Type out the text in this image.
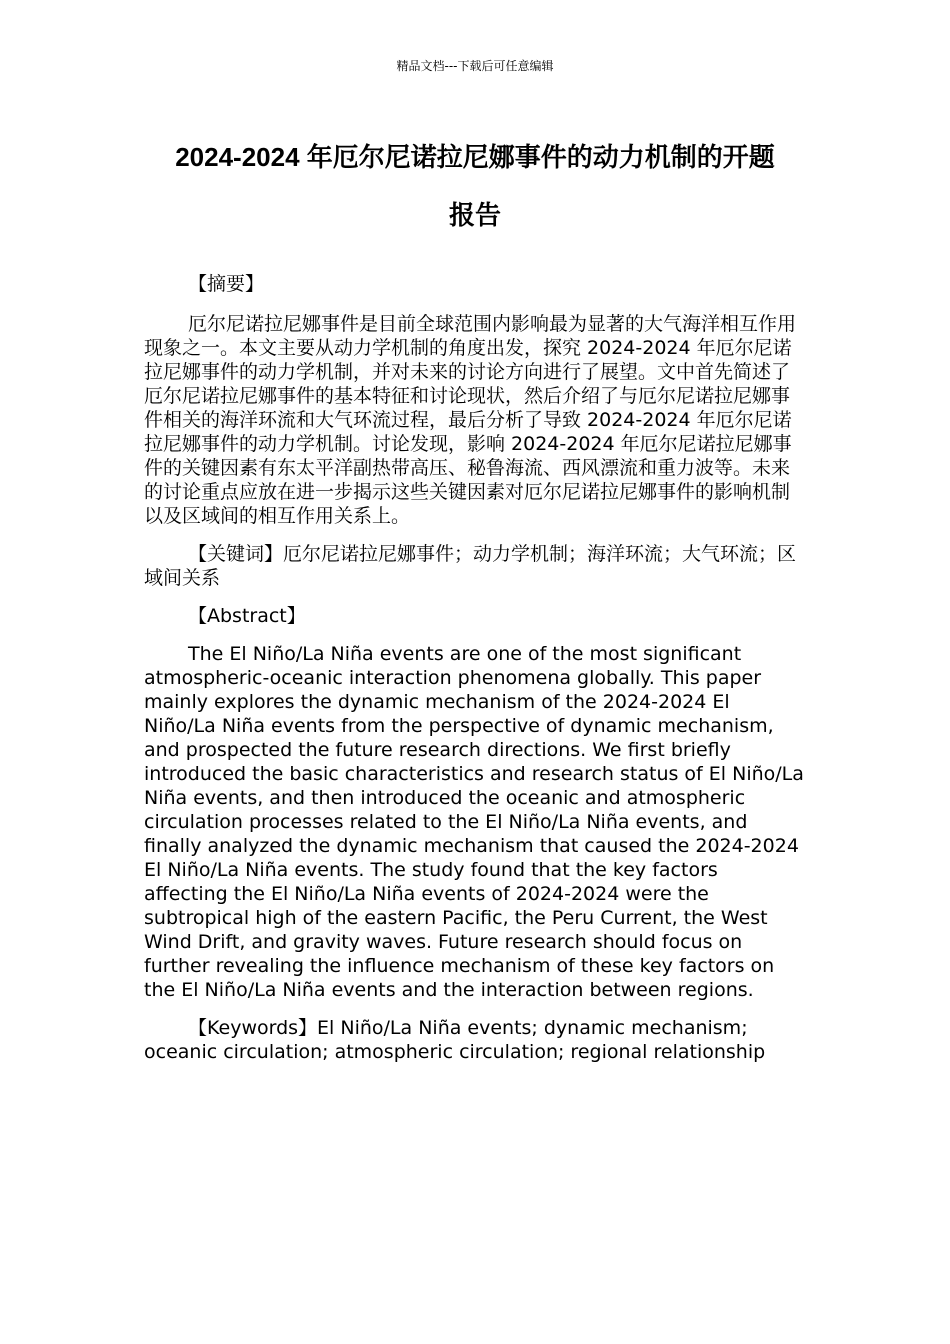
精品文档---下载后可任意编辑
2024-2024 年厄尔尼诺拉尼娜事件的动力机制的开题
报告

【摘要】

厄尔尼诺拉尼娜事件是目前全球范围内影响最为显著的大气海洋相互作用现象之一。本文主要从动力学机制的角度出发，探究 2024-2024 年厄尔尼诺拉尼娜事件的动力学机制，并对未来的讨论方向进行了展望。文中首先简述了厄尔尼诺拉尼娜事件的基本特征和讨论现状，然后介绍了与厄尔尼诺拉尼娜事件相关的海洋环流和大气环流过程，最后分析了导致 2024-2024 年厄尔尼诺拉尼娜事件的动力学机制。讨论发现，影响 2024-2024 年厄尔尼诺拉尼娜事件的关键因素有东太平洋副热带高压、秘鲁海流、西风漂流和重力波等。未来的讨论重点应放在进一步揭示这些关键因素对厄尔尼诺拉尼娜事件的影响机制以及区域间的相互作用关系上。

【关键词】厄尔尼诺拉尼娜事件；动力学机制；海洋环流；大气环流；区域间关系

【Abstract】

The El Niño/La Niña events are one of the most significant atmospheric-oceanic interaction phenomena globally. This paper mainly explores the dynamic mechanism of the 2024-2024 El Niño/La Niña events from the perspective of dynamic mechanism, and prospected the future research directions. We first briefly introduced the basic characteristics and research status of El Niño/La Niña events, and then introduced the oceanic and atmospheric circulation processes related to the El Niño/La Niña events, and finally analyzed the dynamic mechanism that caused the 2024-2024 El Niño/La Niña events. The study found that the key factors affecting the El Niño/La Niña events of 2024-2024 were the subtropical high of the eastern Pacific, the Peru Current, the West Wind Drift, and gravity waves. Future research should focus on further revealing the influence mechanism of these key factors on the El Niño/La Niña events and the interaction between regions.

【Keywords】El Niño/La Niña events; dynamic mechanism; oceanic circulation; atmospheric circulation; regional relationship
